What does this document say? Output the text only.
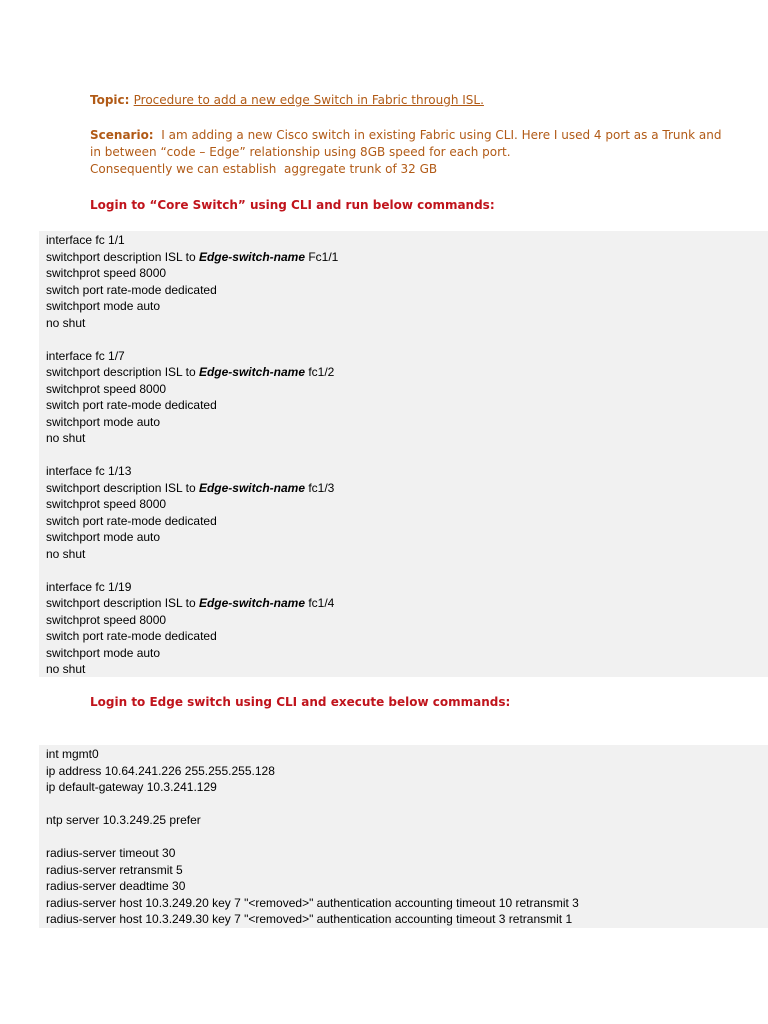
Topic: Procedure to add a new edge Switch in Fabric through ISL.
Scenario:  I am adding a new Cisco switch in existing Fabric using CLI. Here I used 4 port as a Trunk and
in between “code – Edge” relationship using 8GB speed for each port.
Consequently we can establish  aggregate trunk of 32 GB
Login to “Core Switch” using CLI and run below commands:
interface fc 1/1
switchport description ISL to Edge-switch-name Fc1/1
switchprot speed 8000
switch port rate-mode dedicated
switchport mode auto
no shut
interface fc 1/7
switchport description ISL to Edge-switch-name fc1/2
switchprot speed 8000
switch port rate-mode dedicated
switchport mode auto
no shut
interface fc 1/13
switchport description ISL to Edge-switch-name fc1/3
switchprot speed 8000
switch port rate-mode dedicated
switchport mode auto
no shut
interface fc 1/19
switchport description ISL to Edge-switch-name fc1/4
switchprot speed 8000
switch port rate-mode dedicated
switchport mode auto
no shut
Login to Edge switch using CLI and execute below commands:
int mgmt0
ip address 10.64.241.226 255.255.255.128
ip default-gateway 10.3.241.129
ntp server 10.3.249.25 prefer
radius-server timeout 30
radius-server retransmit 5
radius-server deadtime 30
radius-server host 10.3.249.20 key 7 "<removed>" authentication accounting timeout 10 retransmit 3
radius-server host 10.3.249.30 key 7 "<removed>" authentication accounting timeout 3 retransmit 1
